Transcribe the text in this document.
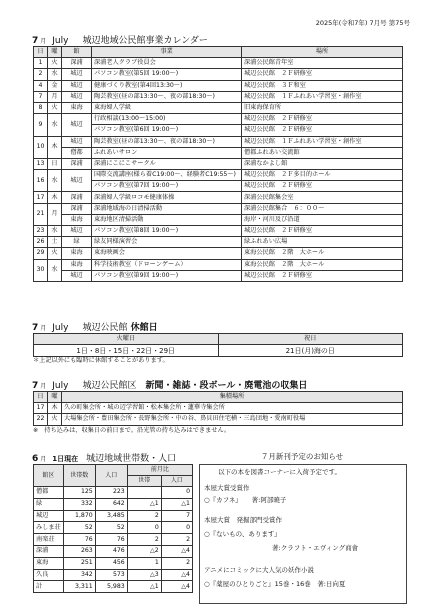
2025年(令和7年) 7月号 第75号
7 月 July 城辺地域公民館事業カレンダー
日	曜	館	事業	場所
1	火	深浦	深浦老人クラブ役員会	深浦公民館青年室
2	水	城辺	パソコン教室(第5回 19:00～)	城辺公民館　２Ｆ研修室
4	金	城辺	健康づくり教室(第4回13:30～)	城辺公民館　３Ｆ和室
7	月	城辺	陶芸教室(昼の部13:30～、夜の部18:30～)	城辺公民館　１Ｆふれあい学習室・創作室
8	火	東海	東海婦人学級	旧東海保育所
9	水	城辺	行政相談(13:00～15:00)	城辺公民館　２Ｆ研修室
			パソコン教室(第6回 19:00～)	城辺公民館　２Ｆ研修室
10	木	城辺	陶芸教室(昼の部13:30～、夜の部18:30～)	城辺公民館　１Ｆふれあい学習室・創作室
		僧都	ふれあいサロン	僧都ふれあい交流館
13	日	深浦	深浦にこにこサークル	深浦なかよし館
16	水	城辺	国際交流講座(様ら着C19:00～、経験者C19:55～)	城辺公民館　２Ｆ多目的ホール
			パソコン教室(第7回 19:00～)	城辺公民館　２Ｆ研修室
17	木	深浦	深浦婦人学級ロコモ健康体操	深浦公民館集会室
21	月	深浦	深浦地域海の日清掃活動	深浦公民館集合　６：００～
		東海	東海地区清掃活動	海岸・河川及び沿道
23	水	城辺	パソコン教室(第8回 19:00～)	城辺公民館　２Ｆ研修室
26	土	緑	緑友同様演習会	緑ふれあい広場
29	火	東海	東海映画会	東海公民館　２階　大ホール
30	水	東海	科学技術教室（ドローンゲーム）	東海公民館　２階　大ホール
		城辺	パソコン教室(第9回 19:00～)	城辺公民館　２Ｆ研修室
7 月 July 城辺公民館 休館日
火曜日	祝日
1日・8日・15日・22日・29日	21日(月)海の日
＊上記以外にも臨時に休館することがあります。
7 月 July 城辺公民館区　 新聞・雑誌・段ボール・廃電池の収集日
日	曜	集積場所
17	木	久の町集会所・城の辺学習館・松本集会所・蓮華寺集会所
22	火	大場集会所・豊田集会所・長野集会所・中の谷、鼻貝田住宅横・三島団地・愛南町役場
※　持ち込みは、収集日の前日まで。沿光管の持ち込みはできません。
6 月 1日現在 城辺地域世帯数・人口
館区	世帯数	人口	前月比	
			世帯	人口
僧都	125	223		0
緑	332	642	△1	△1
城辺	1,870	3,485	2	7
みしま荘	52	52	0	0
南楽荘	76	76	2	2
深浦	263	476	△2	△4
東海	251	456	1	2
久良	342	573	△3	△4
計	3,311	5,983	△1	△4
７月新刊予定のお知らせ
以下の本を図書コーナーに入荷予定です。
本屋大賞受賞作
○『カフネ』　　著:阿部暁子
本屋大賞　発掘部門受賞作
○『ないもの、あります』
著:クラフト・エヴィング商會
アニメにコミックに大人気の妖作小説
○『薬屋のひとりごと』15巻・16巻　著:日向夏
